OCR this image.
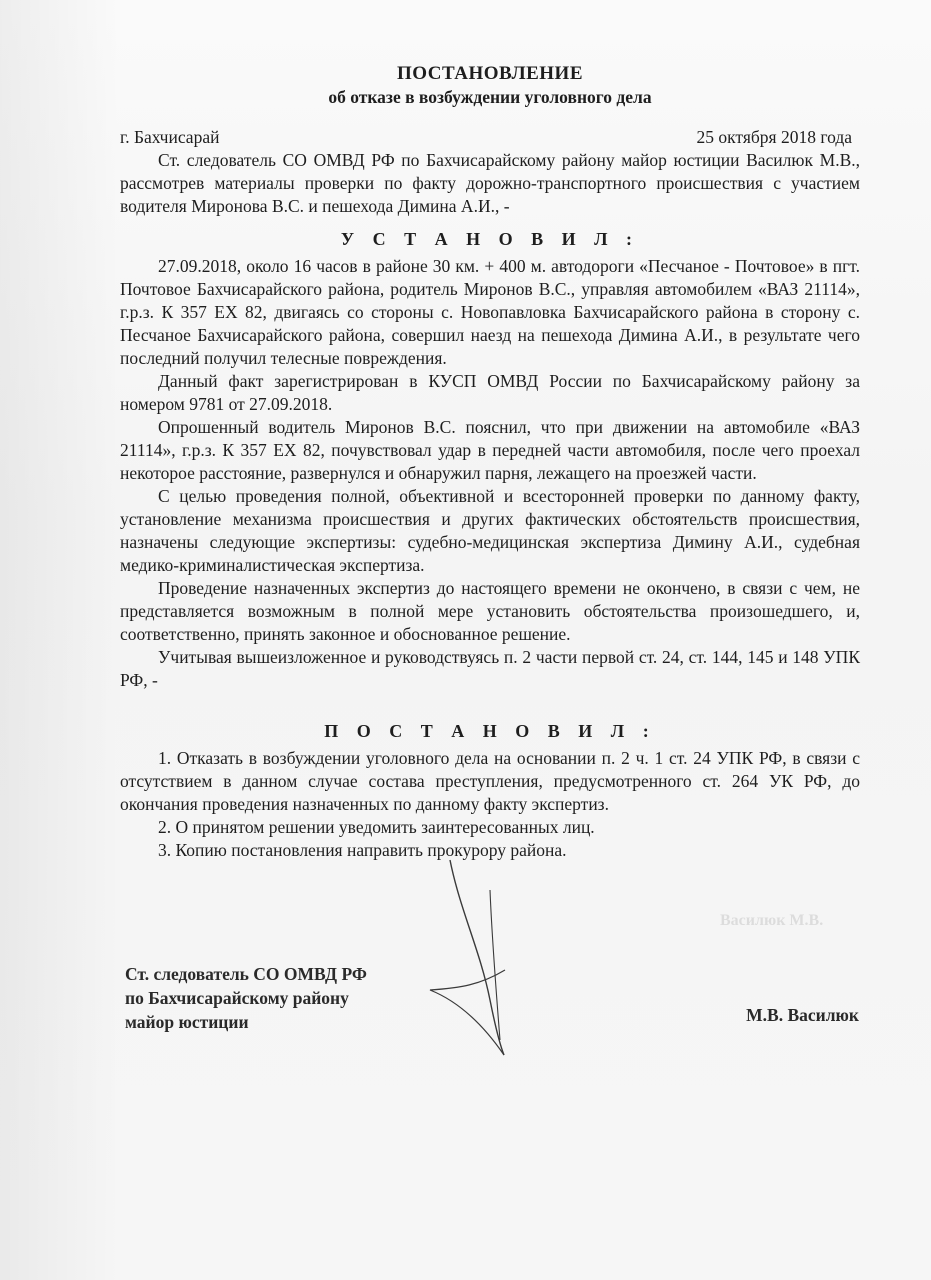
ПОСТАНОВЛЕНИЕ
об отказе в возбуждении уголовного дела
г. Бахчисарай	25 октября 2018 года

Ст. следователь СО ОМВД РФ по Бахчисарайскому району майор юстиции Василюк М.В., рассмотрев материалы проверки по факту дорожно-транспортного происшествия с участием водителя Миронова В.С. и пешехода Димина А.И., -

У С Т А Н О В И Л :

27.09.2018, около 16 часов в районе 30 км. + 400 м. автодороги «Песчаное - Почтовое» в пгт. Почтовое Бахчисарайского района, родитель Миронов В.С., управляя автомобилем «ВАЗ 21114», г.р.з. К 357 ЕХ 82, двигаясь со стороны с. Новопавловка Бахчисарайского района в сторону с. Песчаное Бахчисарайского района, совершил наезд на пешехода Димина А.И., в результате чего последний получил телесные повреждения.

Данный факт зарегистрирован в КУСП ОМВД России по Бахчисарайскому району за номером 9781 от 27.09.2018.

Опрошенный водитель Миронов В.С. пояснил, что при движении на автомобиле «ВАЗ 21114», г.р.з. К 357 ЕХ 82, почувствовал удар в передней части автомобиля, после чего проехал некоторое расстояние, развернулся и обнаружил парня, лежащего на проезжей части.

С целью проведения полной, объективной и всесторонней проверки по данному факту, установление механизма происшествия и других фактических обстоятельств происшествия, назначены следующие экспертизы: судебно-медицинская экспертиза Димину А.И., судебная медико-криминалистическая экспертиза.

Проведение назначенных экспертиз до настоящего времени не окончено, в связи с чем, не представляется возможным в полной мере установить обстоятельства произошедшего, и, соответственно, принять законное и обоснованное решение.

Учитывая вышеизложенное и руководствуясь п. 2 части первой ст. 24, ст. 144, 145 и 148 УПК РФ, -

П О С Т А Н О В И Л :
1. Отказать в возбуждении уголовного дела на основании п. 2 ч. 1 ст. 24 УПК РФ, в связи с отсутствием в данном случае состава преступления, предусмотренного ст. 264 УК РФ, до окончания проведения назначенных по данному факту экспертиз.
2. О принятом решении уведомить заинтересованных лиц.
3. Копию постановления направить прокурору района.
Василюк М.В.
Ст. следователь СО ОМВД РФ
по Бахчисарайскому району
майор юстиции	М.В. Василюк
